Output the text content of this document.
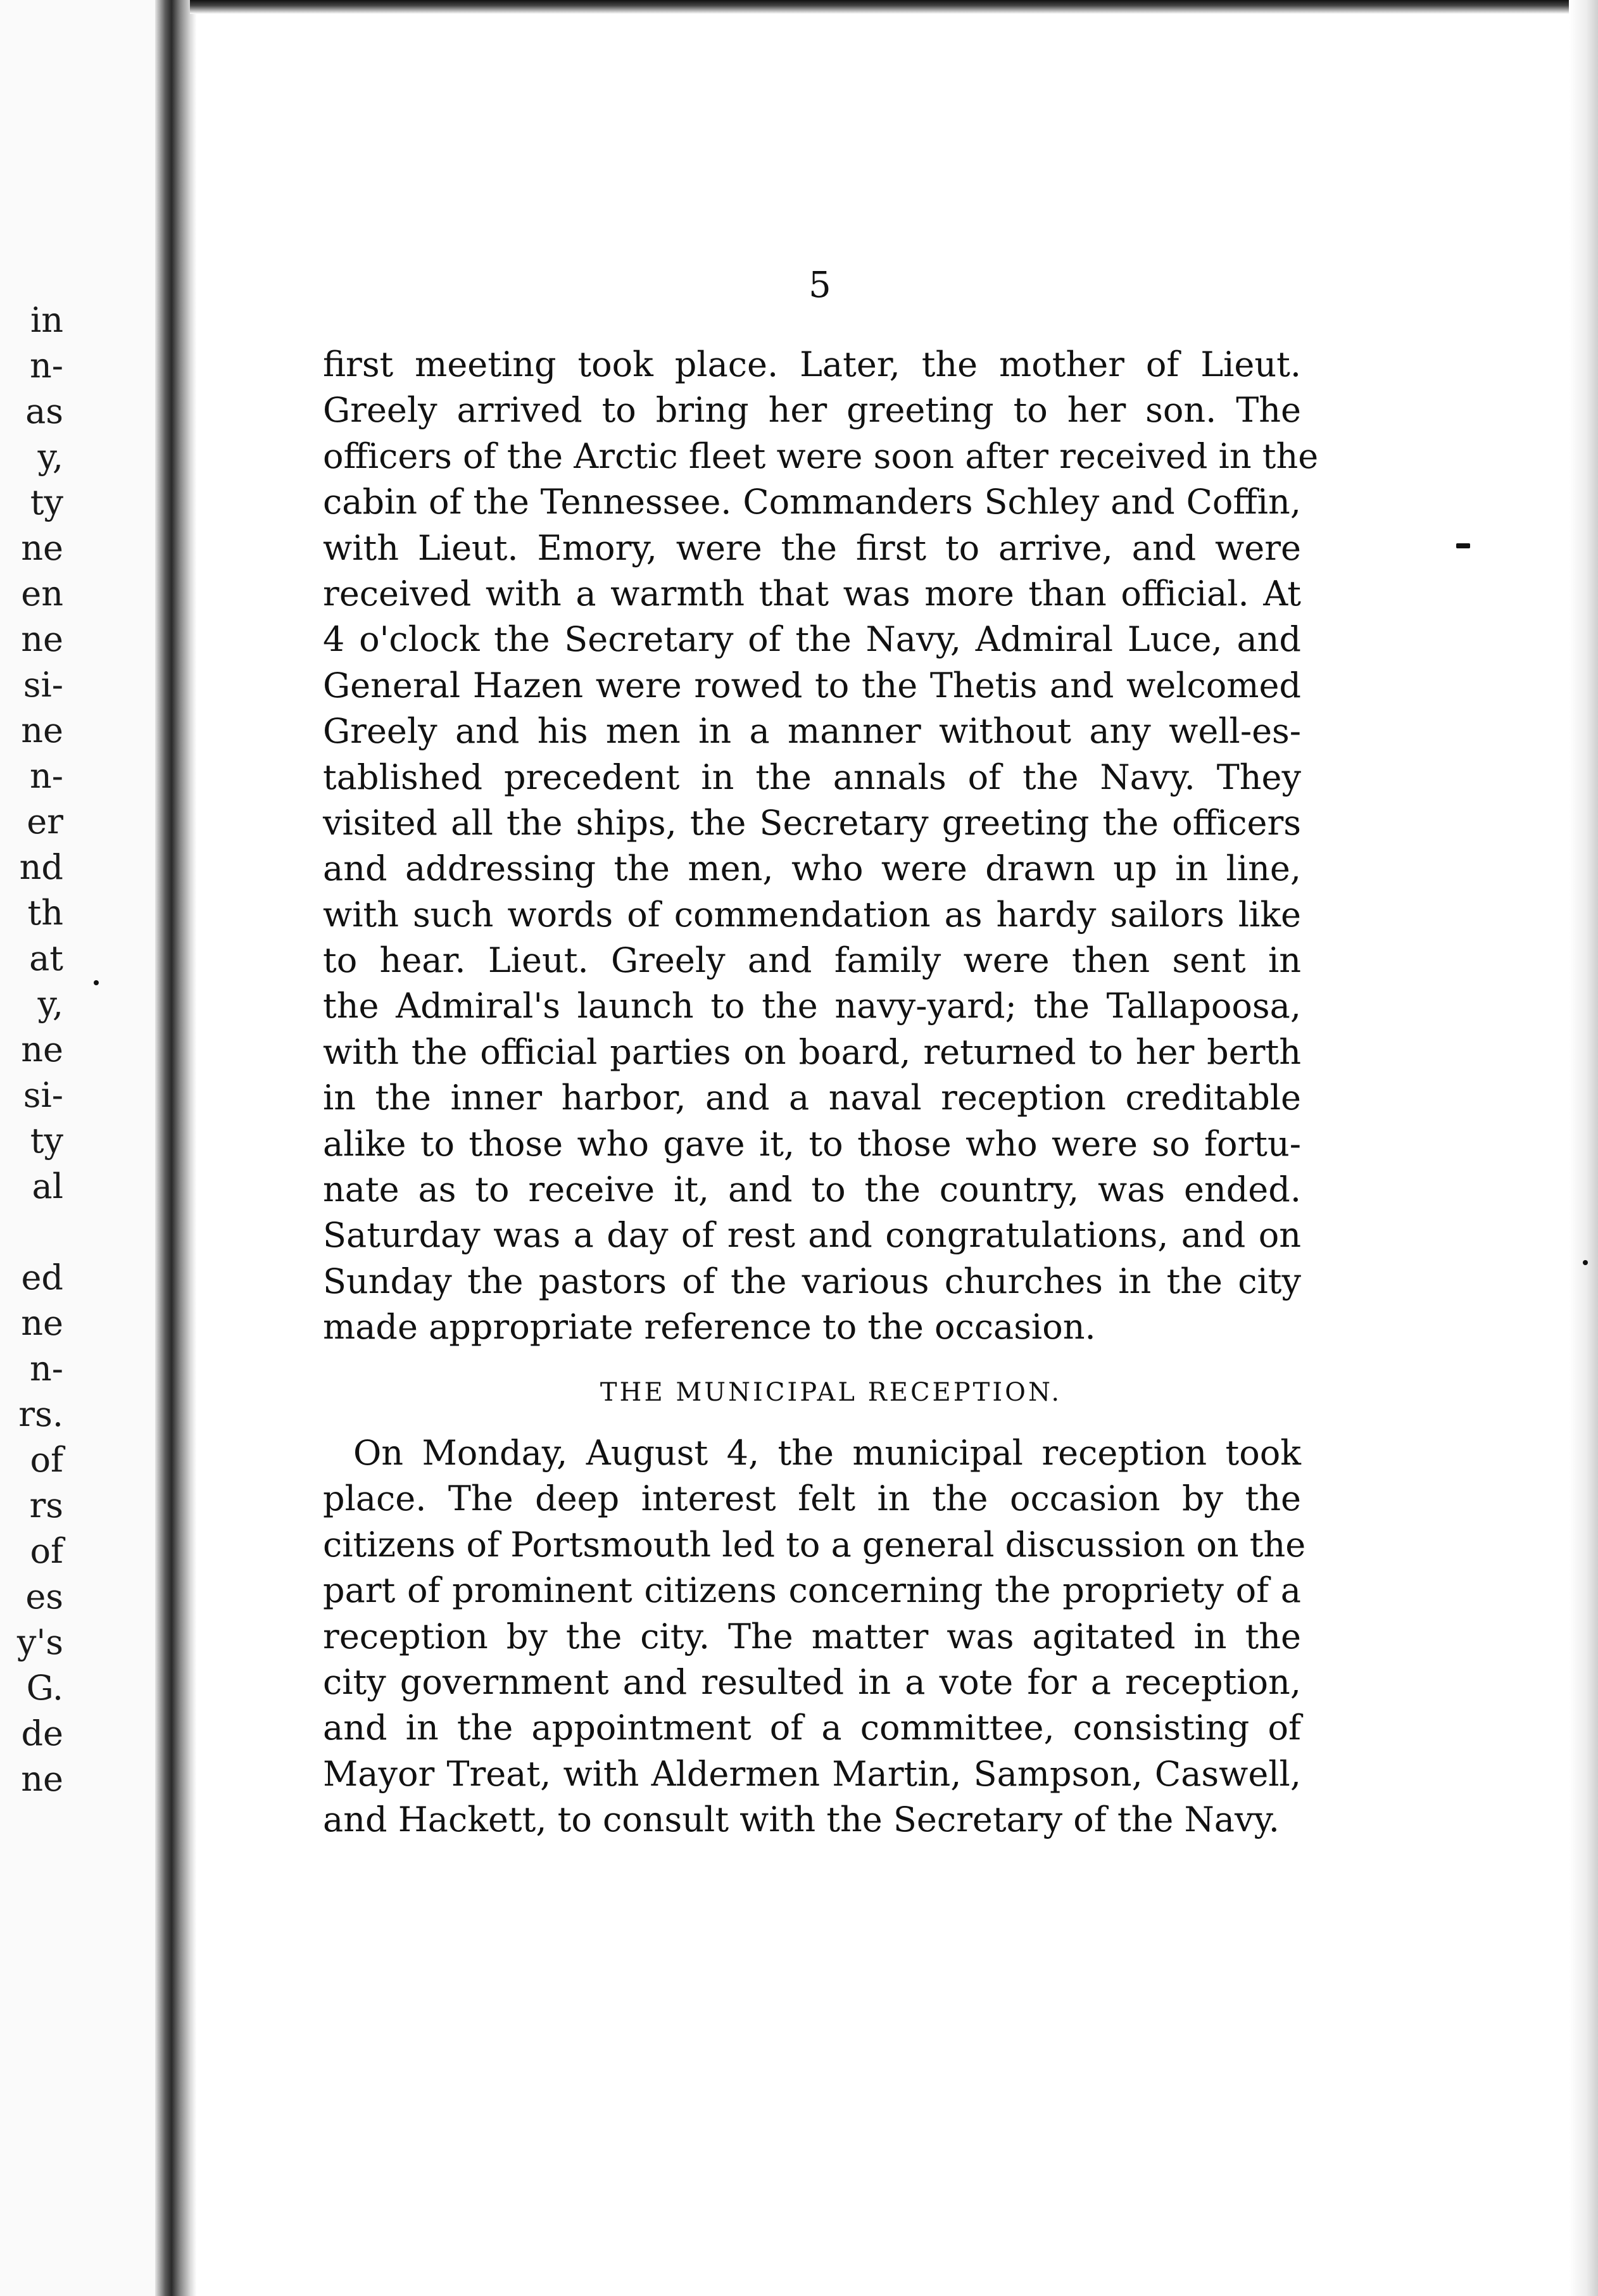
in
n-
as
y,
ty
ne
en
ne
si-
ne
n-
er
nd
th
at
y,
ne
si-
ty
al
ed
ne
n-
rs.
of
rs
of
es
y's
G.
de
ne
5
first meeting took place. Later, the mother of Lieut.
Greely arrived to bring her greeting to her son. The
officers of the Arctic fleet were soon after received in the
cabin of the Tennessee. Commanders Schley and Coffin,
with Lieut. Emory, were the first to arrive, and were
received with a warmth that was more than official. At
4 o'clock the Secretary of the Navy, Admiral Luce, and
General Hazen were rowed to the Thetis and welcomed
Greely and his men in a manner without any well-es-
tablished precedent in the annals of the Navy. They
visited all the ships, the Secretary greeting the officers
and addressing the men, who were drawn up in line,
with such words of commendation as hardy sailors like
to hear. Lieut. Greely and family were then sent in
the Admiral's launch to the navy-yard; the Tallapoosa,
with the official parties on board, returned to her berth
in the inner harbor, and a naval reception creditable
alike to those who gave it, to those who were so fortu-
nate as to receive it, and to the country, was ended.
Saturday was a day of rest and congratulations, and on
Sunday the pastors of the various churches in the city
made appropriate reference to the occasion.
THE MUNICIPAL RECEPTION.
On Monday, August 4, the municipal reception took
place. The deep interest felt in the occasion by the
citizens of Portsmouth led to a general discussion on the
part of prominent citizens concerning the propriety of a
reception by the city. The matter was agitated in the
city government and resulted in a vote for a reception,
and in the appointment of a committee, consisting of
Mayor Treat, with Aldermen Martin, Sampson, Caswell,
and Hackett, to consult with the Secretary of the Navy.
